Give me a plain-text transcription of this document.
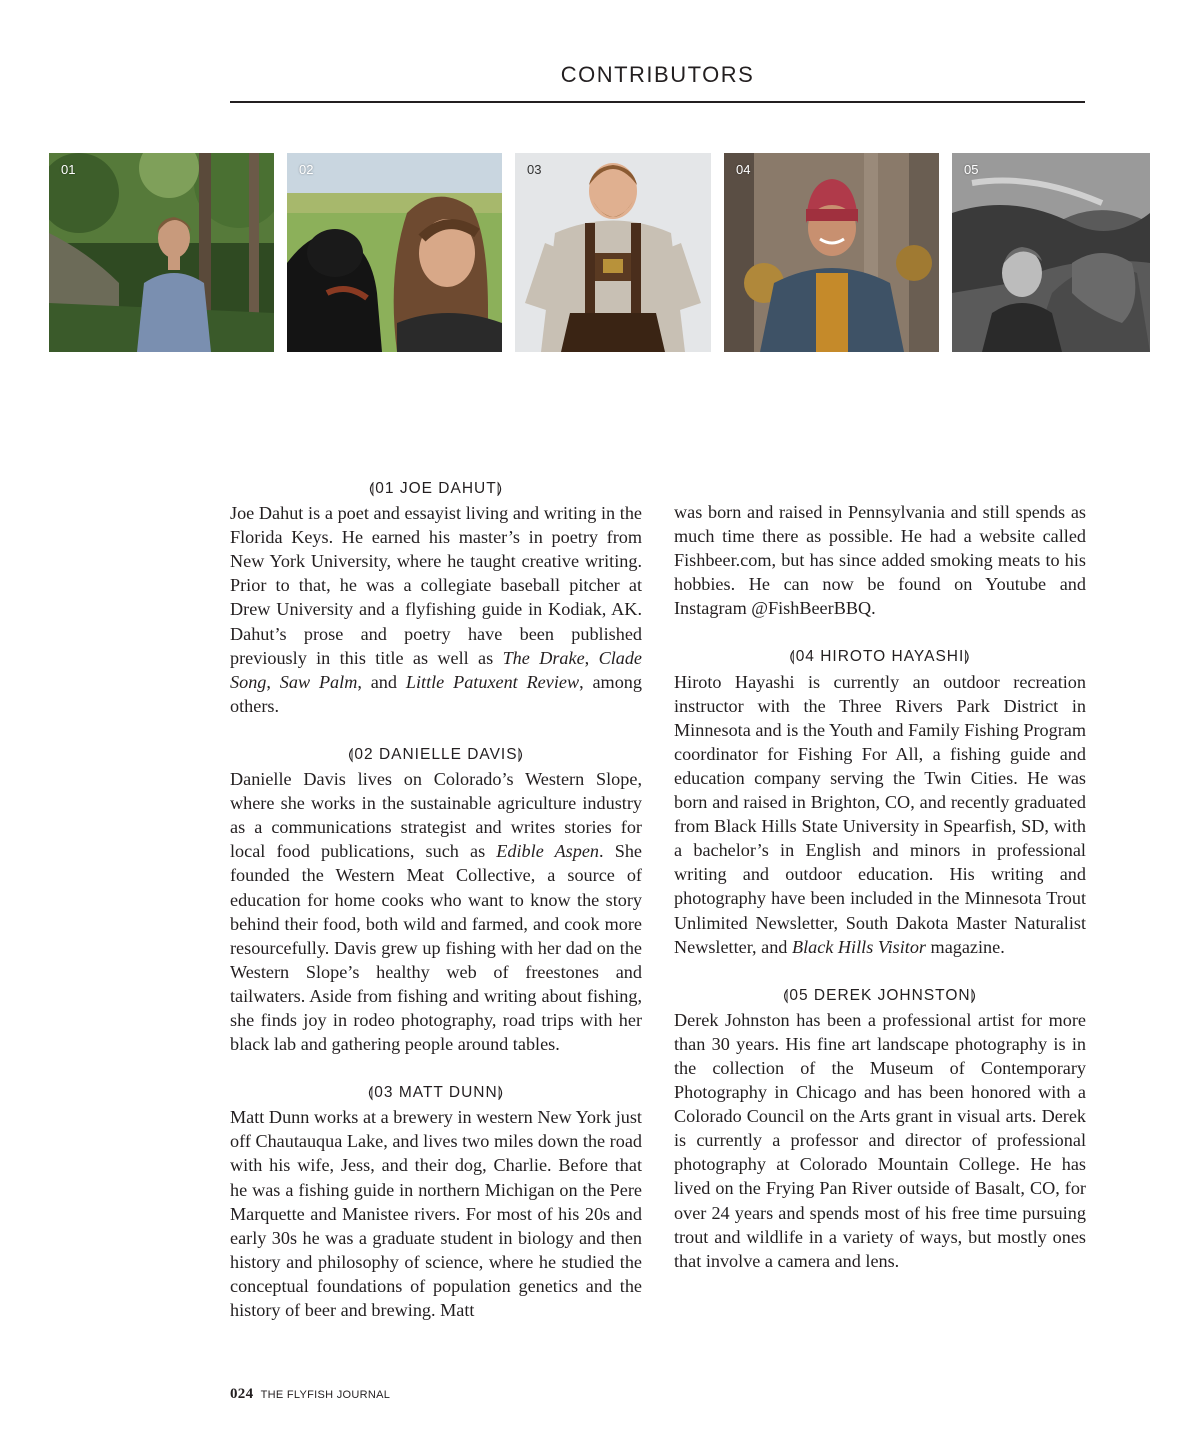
CONTRIBUTORS
01	02	03	04	05
⟬01 JOE DAHUT⟭

Joe Dahut is a poet and essayist living and writing in the Florida Keys. He earned his master’s in poetry from New York University, where he taught creative writing. Prior to that, he was a collegiate baseball pitcher at Drew University and a flyfishing guide in Kodiak, AK. Dahut’s prose and poetry have been published previously in this title as well as The Drake, Clade Song, Saw Palm, and Little Patuxent Review, among others.

⟬02 DANIELLE DAVIS⟭

Danielle Davis lives on Colorado’s Western Slope, where she works in the sustainable agriculture industry as a communications strategist and writes stories for local food publications, such as Edible Aspen. She founded the Western Meat Collective, a source of education for home cooks who want to know the story behind their food, both wild and farmed, and cook more resourcefully. Davis grew up fishing with her dad on the Western Slope’s healthy web of freestones and tailwaters. Aside from fishing and writing about fishing, she finds joy in rodeo photography, road trips with her black lab and gathering people around tables.

⟬03 MATT DUNN⟭

Matt Dunn works at a brewery in western New York just off Chautauqua Lake, and lives two miles down the road with his wife, Jess, and their dog, Charlie. Before that he was a fishing guide in northern Michigan on the Pere Marquette and Manistee rivers. For most of his 20s and early 30s he was a graduate student in biology and then history and philosophy of science, where he studied the conceptual foundations of population genetics and the history of beer and brewing. Matt

was born and raised in Pennsylvania and still spends as much time there as possible. He had a website called Fishbeer.com, but has since added smoking meats to his hobbies. He can now be found on Youtube and Instagram @FishBeerBBQ.

⟬04 HIROTO HAYASHI⟭

Hiroto Hayashi is currently an outdoor recreation instructor with the Three Rivers Park District in Minnesota and is the Youth and Family Fishing Program coordinator for Fishing For All, a fishing guide and education company serving the Twin Cities. He was born and raised in Brighton, CO, and recently graduated from Black Hills State University in Spearfish, SD, with a bachelor’s in English and minors in professional writing and outdoor education. His writing and photography have been included in the Minnesota Trout Unlimited Newsletter, South Dakota Master Naturalist Newsletter, and Black Hills Visitor magazine.

⟬05 DEREK JOHNSTON⟭

Derek Johnston has been a professional artist for more than 30 years. His fine art landscape photography is in the collection of the Museum of Contemporary Photography in Chicago and has been honored with a Colorado Council on the Arts grant in visual arts. Derek is currently a professor and director of professional photography at Colorado Mountain College. He has lived on the Frying Pan River outside of Basalt, CO, for over 24 years and spends most of his free time pursuing trout and wildlife in a variety of ways, but mostly ones that involve a camera and lens.

024 THE FLYFISH JOURNAL
